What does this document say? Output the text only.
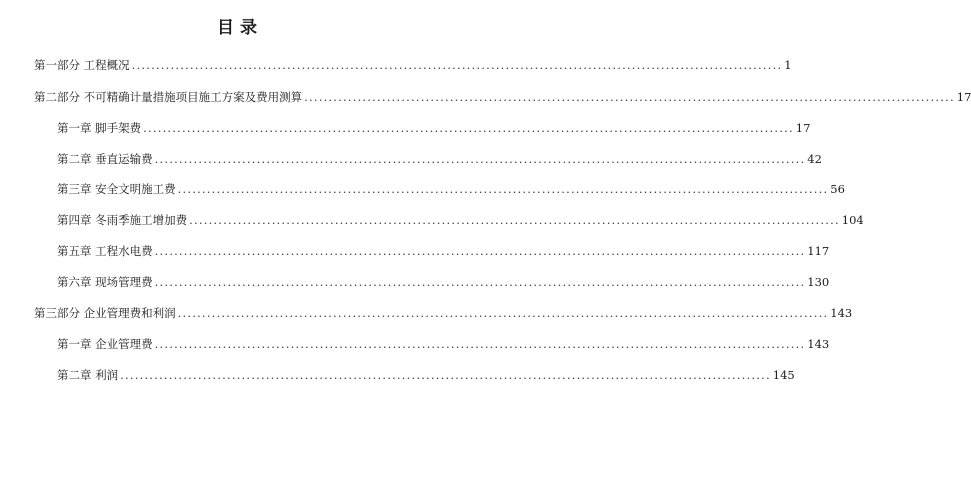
目 录
第一部分 工程概况 ...................................................................................................................................... 1
第二部分 不可精确计量措施项目施工方案及费用测算 ...................................................................................................................................... 17
第一章 脚手架费 ...................................................................................................................................... 17
第二章 垂直运输费 ...................................................................................................................................... 42
第三章 安全文明施工费 ...................................................................................................................................... 56
第四章 冬雨季施工增加费 ...................................................................................................................................... 104
第五章 工程水电费 ...................................................................................................................................... 117
第六章 现场管理费 ...................................................................................................................................... 130
第三部分 企业管理费和利润 ...................................................................................................................................... 143
第一章 企业管理费 ...................................................................................................................................... 143
第二章 利润 ...................................................................................................................................... 145
